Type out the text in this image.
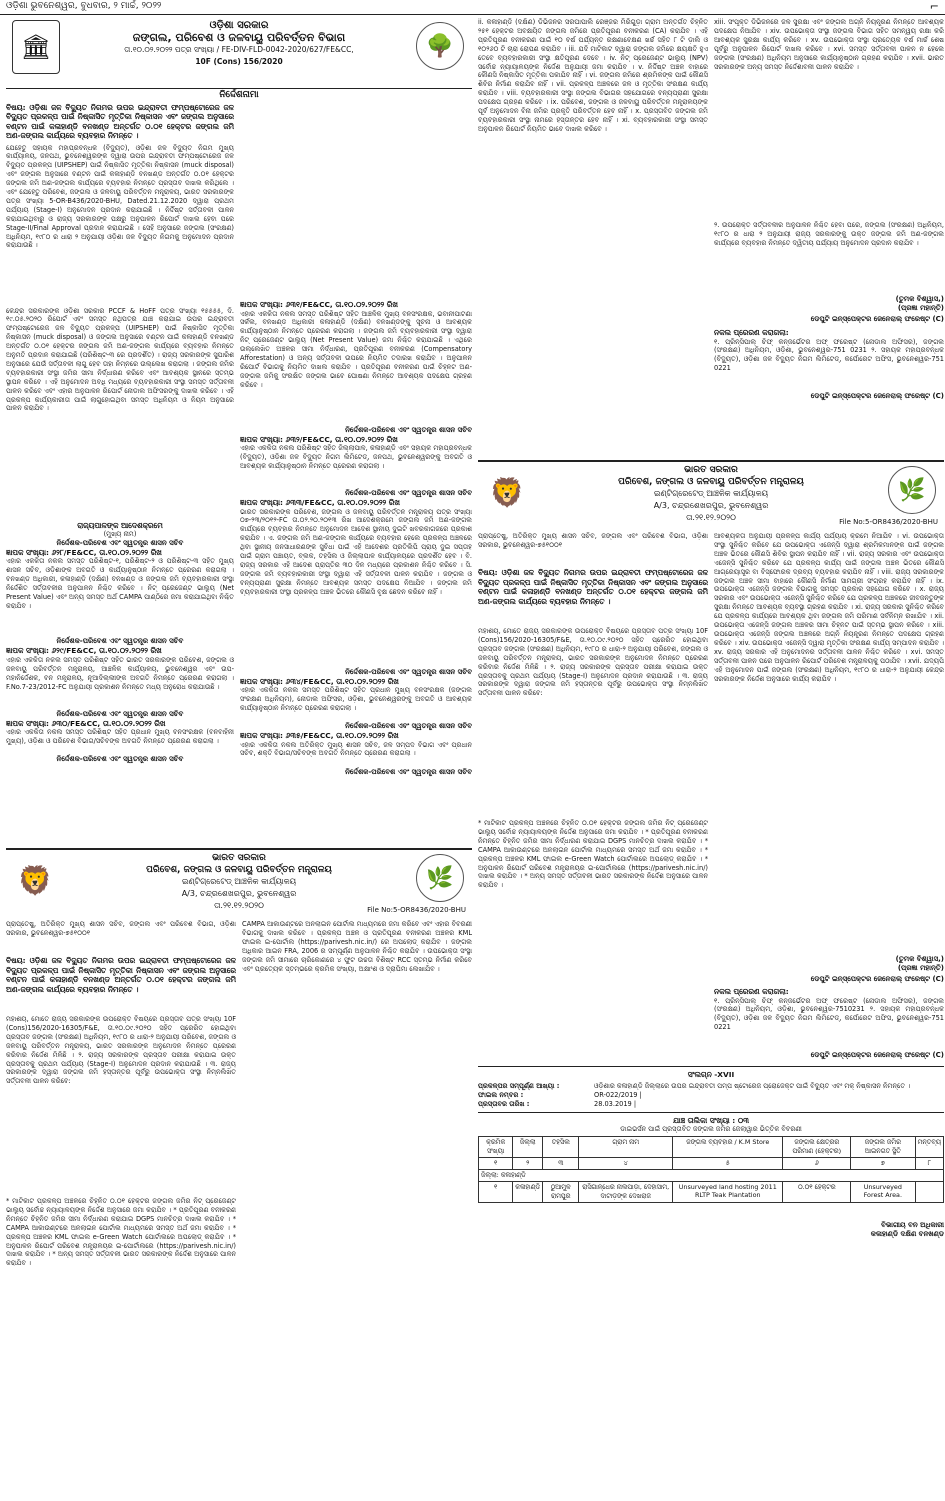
ଓଡ଼ିଶା ଭୁବନେଶ୍ୱର, ବୁଧବାର, ୨ ମାର୍ଚ୍ଚ, ୨୦୨୨	⌐
🏛	🌳
ଓଡ଼ିଶା ସରକାର
ଜଙ୍ଗଲ, ପରିବେଶ ଓ ଜଳବାୟୁ ପରିବର୍ତ୍ତନ ବିଭାଗ
ତା.୧୦.୦୨.୨୦୨୨ ପତ୍ର ସଂଖ୍ୟା / FE-DIV-FLD-0042-2020/627/FE&CC,
10F (Cons) 156/2020
ନିର୍ଦ୍ଦେଶନାମା
ବିଷୟ: ଓଡ଼ିଶା ଜଳ ବିଦ୍ୟୁତ ନିଗମର ଉପର ଇନ୍ଦ୍ରାବତୀ ଫମ୍ପଷ୍ଟୋରେଜ ଜଳ ବିଦ୍ୟୁତ ପ୍ରକଳ୍ପ ପାଇଁ ନିଷ୍କାସିତ ମୃତ୍ତିକା ନିଷ୍କାସନ ଏବଂ ଜଙ୍ଗଲ ଅନୁସାରେ ବଣ୍ଟନ ପାଇଁ କଳାହାଣ୍ଡି ବନଖଣ୍ଡ ଅନ୍ତର୍ଗତ ୦.୦୧ ହେକ୍ଟର ଜଙ୍ଗଲ ଜମି ଅଣ-ଜଙ୍ଗଲ କାର୍ଯ୍ୟରେ ବ୍ୟବହାର ନିମନ୍ତେ ।
ଯେହେତୁ ସହାୟକ ମହାପ୍ରବନ୍ଧକ (ବିଦ୍ୟୁତ), ଓଡ଼ିଶା ଜଳ ବିଦ୍ୟୁତ ନିଗମ ମୁଖ୍ୟ କାର୍ଯ୍ୟାଳୟ, ଜନପଥ, ଭୁବନେଶ୍ୱରଙ୍କ ଦ୍ୱାରା ଉପର ଇନ୍ଦ୍ରାବତୀ ଫମ୍ପଷ୍ଟୋରେଜ ଜଳ ବିଦ୍ୟୁତ ପ୍ରକଳ୍ପ (UIPSHEP) ପାଇଁ ନିଷ୍କାସିତ ମୃତ୍ତିକା ନିଷ୍କାସନ (muck disposal) ଏବଂ ଜଙ୍ଗଲ ଅନୁସାରେ ବଣ୍ଟନ ପାଇଁ କଳାହାଣ୍ଡି ବନଖଣ୍ଡ ଅନ୍ତର୍ଗତ ୦.୦୧ ହେକ୍ଟର ଜଙ୍ଗଲ ଜମି ଅଣ-ଜଙ୍ଗଲ କାର୍ଯ୍ୟରେ ବ୍ୟବହାର ନିମନ୍ତେ ପ୍ରସ୍ତାବ ଦାଖଲ କରିଥିଲେ । ଏବଂ ଯେହେତୁ ପରିବେଶ, ଜଙ୍ଗଲ ଓ ଜଳବାୟୁ ପରିବର୍ତ୍ତନ ମନ୍ତ୍ରାଳୟ, ଭାରତ ସରକାରଙ୍କ ପତ୍ର ସଂଖ୍ୟା 5-OR-B436/2020-BHU, Dated.21.12.2020 ଦ୍ୱାରା ପ୍ରଥମ ପର୍ଯ୍ୟାୟ (Stage-I) ଅନୁମୋଦନ ପ୍ରଦାନ କରାଯାଇଛି । ନିର୍ଦ୍ଦିଷ୍ଟ ସର୍ତ୍ତାବଳୀ ପାଳନ କରାଯାଇଥିବାରୁ ଓ ରାଜ୍ୟ ସରକାରଙ୍କ ପକ୍ଷରୁ ଅନୁପାଳନ ରିପୋର୍ଟ ଦାଖଲ ହେବା ପରେ Stage-II/Final Approval ପ୍ରଦାନ କରାଯାଇଛି । ସେହି ଅନୁସାରେ ଜଙ୍ଗଲ (ସଂରକ୍ଷଣ) ଅଧିନିୟମ, ୧୯୮୦ ର ଧାରା ୨ ଅନୁଯାୟୀ ଓଡ଼ିଶା ଜଳ ବିଦ୍ୟୁତ ନିଗମକୁ ଅନୁମୋଦନ ପ୍ରଦାନ କରାଯାଉଛି ।
କେନ୍ଦ୍ର ସରକାରଙ୍କ ଓଡ଼ିଶା ସରକାର PCCF & HoFF ପତ୍ର ସଂଖ୍ୟା ୧୫୫୫୫, ଦି. ୧୯.୦୫.୨୦୨୦ ରିପୋର୍ଟ ଏବଂ ସମସ୍ତ ନଥିପତ୍ର ଯାଞ୍ଚ କରାଯାଇ ଉପର ଇନ୍ଦ୍ରାବତୀ ଫମ୍ପଷ୍ଟୋରେଜ ଜଳ ବିଦ୍ୟୁତ ପ୍ରକଳ୍ପ (UIPSHEP) ପାଇଁ ନିଷ୍କାସିତ ମୃତ୍ତିକା ନିଷ୍କାସନ (muck disposal) ଓ ଜଙ୍ଗଲ ଅନୁସାରେ ବଣ୍ଟନ ପାଇଁ କଳାହାଣ୍ଡି ବନଖଣ୍ଡ ଅନ୍ତର୍ଗତ ୦.୦୧ ହେକ୍ଟର ଜଙ୍ଗଲ ଜମି ଅଣ-ଜଙ୍ଗଲ କାର୍ଯ୍ୟରେ ବ୍ୟବହାର ନିମନ୍ତେ ଅନୁମତି ପ୍ରଦାନ କରାଯାଇଛି (ପରିଶିଷ୍ଟ-୩ ରେ ପ୍ରଦର୍ଶିତ) । ରାଜ୍ୟ ସରକାରଙ୍କ ସୁପାରିଶ ଅନୁସାରେ ଯେଉଁ ସର୍ତ୍ତାବଳୀ ଲାଗୁ ହେବ ତାହା ନିମ୍ନରେ ଉଲ୍ଲେଖ କରାଗଲା । ଜଙ୍ଗଲ ଜମିର ବ୍ୟବହାରକାରୀ ସଂସ୍ଥା ଜମିର ସୀମା ନିର୍ଦ୍ଧାରଣ କରିବେ ଏବଂ ଆବଶ୍ୟକ ସ୍ଥାନରେ ସ୍ତମ୍ଭ ସ୍ଥାପନ କରିବେ । ଏହି ଅନୁମୋଦନ ଅବଧି ମଧ୍ୟରେ ବ୍ୟବହାରକାରୀ ସଂସ୍ଥା ସମସ୍ତ ସର୍ତ୍ତାବଳୀ ପାଳନ କରିବେ ଏବଂ ଏହାର ଅନୁପାଳନ ରିପୋର୍ଟ ନୋଡାଲ ଅଫିସରଙ୍କୁ ଦାଖଲ କରିବେ । ଏହି ପ୍ରକଳ୍ପ କାର୍ଯ୍ୟକାରୀତା ପାଇଁ ଲାଗୁହୋଇଥିବା ସମସ୍ତ ଅଧିନିୟମ ଓ ନିୟମ ଅନୁସାରେ ପାଳନ କରାଯିବ ।
ରାଜ୍ୟପାଳଙ୍କ ଆଦେଶକ୍ରମେ
(ମୁଖ୍ୟ ନାମ)
ନିର୍ଦ୍ଦେଶକ-ପରିବେଶ ଏବଂ ସ୍ୱତନ୍ତ୍ର ଶାସନ ସଚିବ
ଜ୍ଞାପକ ସଂଖ୍ୟା: ୬୨୮/FE&CC, ତା.୧୦.୦୨.୨୦୨୨ ରିଖ
ଏହାର ଏକକିତା ନକଲ ସମସ୍ତ ପରିଶିଷ୍ଟ-୧, ପରିଶିଷ୍ଟ-୨ ଓ ପରିଶିଷ୍ଟ-୩ ସହିତ ମୁଖ୍ୟ ଶାସନ ସଚିବ, ଓଡ଼ିଶାଙ୍କ ଅବଗତି ଓ କାର୍ଯ୍ୟାନୁଷ୍ଠାନ ନିମନ୍ତେ ପ୍ରେରଣ କରାଗଲା । ବନଖଣ୍ଡ ଅଧିକାରୀ, କଳାହାଣ୍ଡି (ଦକ୍ଷିଣ) ବନଖଣ୍ଡ ଓ ଜଙ୍ଗଲ ଜମି ବ୍ୟବହାରକାରୀ ସଂସ୍ଥା ନିର୍ଦ୍ଦେଶିତ ସର୍ତ୍ତାବଳୀର ଅନୁପାଳନ ନିଶ୍ଚିତ କରିବେ । ନିଟ୍ ପ୍ରେଜେଣ୍ଟ ଭାଲ୍ୟୁ (Net Present Value) ଏବଂ ଅନ୍ୟ ସମସ୍ତ ଅର୍ଥ CAMPA ପାଣ୍ଠିରେ ଜମା କରାଯାଇଥିବା ନିଶ୍ଚିତ କରାଯିବ ।
ନିର୍ଦ୍ଦେଶକ-ପରିବେଶ ଏବଂ ସ୍ୱତନ୍ତ୍ର ଶାସନ ସଚିବ
ଜ୍ଞାପକ ସଂଖ୍ୟା: ୬୨୯/FE&CC, ତା.୧୦.୦୨.୨୦୨୨ ରିଖ
ଏହାର ଏକକିତା ନକଲ ସମସ୍ତ ପରିଶିଷ୍ଟ ସହିତ ଭାରତ ସରକାରଙ୍କ ପରିବେଶ, ଜଙ୍ଗଲ ଓ ଜଳବାୟୁ ପରିବର୍ତ୍ତନ ମନ୍ତ୍ରାଳୟ, ଆଞ୍ଚଳିକ କାର୍ଯ୍ୟାଳୟ, ଭୁବନେଶ୍ୱର ଏବଂ ଉପ-ମହାନିର୍ଦ୍ଦେଶକ, ବନ ମନ୍ତ୍ରାଳୟ, ନୂଆଦିଲ୍ଲୀଙ୍କ ଅବଗତି ନିମନ୍ତେ ପ୍ରେରଣ କରାଗଲା । F.No.7-23/2012-FC ଅନୁଯାୟୀ ପ୍ରକାଶନ ନିମନ୍ତେ ମଧ୍ୟ ଅନୁରୋଧ କରାଯାଉଛି ।
ନିର୍ଦ୍ଦେଶକ-ପରିବେଶ ଏବଂ ସ୍ୱତନ୍ତ୍ର ଶାସନ ସଚିବ
ଜ୍ଞାପକ ସଂଖ୍ୟା: ୬୩୦/FE&CC, ତା.୧୦.୦୨.୨୦୨୨ ରିଖ
ଏହାର ଏକକିତା ନକଲ ସମସ୍ତ ପରିଶିଷ୍ଟ ସହିତ ପ୍ରଧାନ ମୁଖ୍ୟ ବନସଂରକ୍ଷକ (ବନବାହିନୀ ମୁଖ୍ୟ), ଓଡ଼ିଶା ଓ ପରିବେଶ ବିଭାଗ/ସଚିବଙ୍କ ଅବଗତି ନିମନ୍ତେ ପ୍ରେରଣ କରାଗଲା ।
ନିର୍ଦ୍ଦେଶକ-ପରିବେଶ ଏବଂ ସ୍ୱତନ୍ତ୍ର ଶାସନ ସଚିବ
ii. କଳାହାଣ୍ଡି (ଦକ୍ଷିଣ) ଡିଭିଜନର ସରଘାପାଲି ରେଞ୍ଜର ମିରିଗୁଡ଼ା ଗ୍ରାମ ଅନ୍ତର୍ଗତ ଚିହ୍ନିତ ୨୫୧ ହେକ୍ଟର ଅବକ୍ଷୟିତ ଜଙ୍ଗଲ ଜମିରେ ପ୍ରତିପୂରଣ ବନୀକରଣ (CA) କରାଯିବ । ଏହି ପ୍ରତିପୂରଣ ବନୀକରଣ ପାଇଁ ୧୦ ବର୍ଷ ପର୍ଯ୍ୟନ୍ତ ରକ୍ଷଣାବେକ୍ଷଣ ଖର୍ଚ୍ଚ ସହିତ ୮ ଟି ଡ଼ାଲି ଓ ୧୦୨୬୦ ଟି ଚାରା ରୋପଣ କରାଯିବ । iii. ଯଦି ମାଟିକାଟ ଦ୍ୱାରା ଜଙ୍ଗଲ ଜମିରେ କ୍ଷୟକ୍ଷତି ହୁଏ ତେବେ ବ୍ୟବହାରକାରୀ ସଂସ୍ଥା କ୍ଷତିପୂରଣ ଦେବେ । iv. ନିଟ୍ ପ୍ରେଜେଣ୍ଟ ଭାଲ୍ୟୁ (NPV) ସର୍ବୋଚ୍ଚ ନ୍ୟାୟାଳୟଙ୍କ ନିର୍ଦ୍ଦେଶ ଅନୁଯାୟୀ ଜମା କରାଯିବ । v. ନିର୍ଦ୍ଦିଷ୍ଟ ଅଞ୍ଚଳ ବାହାରେ କୌଣସି ନିଷ୍କାସିତ ମୃତ୍ତିକା ପକାଯିବ ନାହିଁ । vi. ଜଙ୍ଗଲ ଜମିରେ ଶ୍ରମିକଙ୍କ ପାଇଁ କୌଣସି ଶିବିର ନିର୍ମାଣ କରାଯିବ ନାହିଁ । vii. ପ୍ରକଳ୍ପ ଅଞ୍ଚଳରେ ଜଳ ଓ ମୃତ୍ତିକା ସଂରକ୍ଷଣ କାର୍ଯ୍ୟ କରାଯିବ । viii. ବ୍ୟବହାରକାରୀ ସଂସ୍ଥା ଜଙ୍ଗଲ ବିଭାଗର ସହଯୋଗରେ ବନ୍ୟପ୍ରାଣୀ ସୁରକ୍ଷା ପଦକ୍ଷେପ ଗ୍ରହଣ କରିବେ । ix. ପରିବେଶ, ଜଙ୍ଗଲ ଓ ଜଳବାୟୁ ପରିବର୍ତ୍ତନ ମନ୍ତ୍ରାଳୟଙ୍କ ପୂର୍ବ ଅନୁମୋଦନ ବିନା ଜମିର ପ୍ରକୃତି ପରିବର୍ତ୍ତନ ହେବ ନାହିଁ । x. ପ୍ରସ୍ତାବିତ ଜଙ୍ଗଲ ଜମି ବ୍ୟବହାରକାରୀ ସଂସ୍ଥା ନାମରେ ହସ୍ତାନ୍ତର ହେବ ନାହିଁ । xi. ବ୍ୟବହାରକାରୀ ସଂସ୍ଥା ସମସ୍ତ ଅନୁପାଳନ ରିପୋର୍ଟ ନିୟମିତ ଭାବେ ଦାଖଲ କରିବେ ।
xiii. ସଂପୃକ୍ତ ଡିଭିଜନରେ ଜଳ ସୁରକ୍ଷା ଏବଂ ଜଙ୍ଗଲ ଅଗ୍ନି ନିୟନ୍ତ୍ରଣ ନିମନ୍ତେ ଆବଶ୍ୟକ ପଦକ୍ଷେପ ନିଆଯିବ । xiv. ଉପଭୋକ୍ତା ସଂସ୍ଥା ଜଙ୍ଗଲ ବିଭାଗ ସହିତ ସମନ୍ୱୟ ରକ୍ଷା କରି ଆବଶ୍ୟକ ସୁରକ୍ଷା କାର୍ଯ୍ୟ କରିବେ । xv. ଉପଭୋକ୍ତା ସଂସ୍ଥା ପ୍ରତ୍ୟେକ ବର୍ଷ ମାର୍ଚ୍ଚ ଶେଷ ପୂର୍ବରୁ ଅନୁପାଳନ ରିପୋର୍ଟ ଦାଖଲ କରିବେ । xvi. ସମସ୍ତ ସର୍ତ୍ତାବଳୀ ପାଳନ ନ ହେଲେ ଜଙ୍ଗଲ (ସଂରକ୍ଷଣ) ଅଧିନିୟମ ଅନୁସାରେ କାର୍ଯ୍ୟାନୁଷ୍ଠାନ ଗ୍ରହଣ କରାଯିବ । xvii. ଭାରତ ସରକାରଙ୍କ ଅନ୍ୟ ସମସ୍ତ ନିର୍ଦ୍ଦେଶାବଳୀ ପାଳନ କରାଯିବ ।
୨. ଉପରୋକ୍ତ ସର୍ତ୍ତାବଳୀର ଅନୁପାଳନ ନିଶ୍ଚିତ ହେବା ପରେ, ଜଙ୍ଗଲ (ସଂରକ୍ଷଣ) ଅଧିନିୟମ, ୧୯୮୦ ର ଧାରା ୨ ଅନୁଯାୟୀ ରାଜ୍ୟ ସରକାରଙ୍କୁ ଉକ୍ତ ଜଙ୍ଗଲ ଜମି ଅଣ-ଜଙ୍ଗଲ କାର୍ଯ୍ୟରେ ବ୍ୟବହାର ନିମନ୍ତେ ଦ୍ୱିତୀୟ ପର୍ଯ୍ୟାୟ ଅନୁମୋଦନ ପ୍ରଦାନ କରାଯିବ ।
(ତୁମକ ବିଶ୍ୱାସ,)
(ପ୍ରଜ୍ଞା ମହାନ୍ତି)
ଡେପୁଟି ଇନ୍‌ସ୍ପେକ୍ଟର ଜେନେରାଲ୍ ଫରେଷ୍ଟ (C)
ନକଲ ପ୍ରେରଣ କରାଗଲା:
୧. ପ୍ରିନ୍ସିପାଲ୍ ଚିଫ୍ କନ୍‌ଜର୍ଭେଟର ଅଫ୍ ଫରେଷ୍ଟ (ନୋଡାଲ ଅଫିସର), ଜଙ୍ଗଲ (ସଂରକ୍ଷଣ) ଅଧିନିୟମ, ଓଡ଼ିଶା, ଭୁବନେଶ୍ୱର-751 0231 ୨. ସହାୟକ ମହାପ୍ରବନ୍ଧକ (ବିଦ୍ୟୁତ), ଓଡ଼ିଶା ଜଳ ବିଦ୍ୟୁତ ନିଗମ ଲିମିଟେଡ୍, କର୍ପୋରେଟ ଅଫିସ, ଭୁବନେଶ୍ୱର-751 0221
ଡେପୁଟି ଇନ୍‌ସ୍ପେକ୍ଟର ଜେନେରାଲ୍ ଫରେଷ୍ଟ (C)
ଜ୍ଞାପକ ସଂଖ୍ୟା: ୬୩୧/FE&CC, ତା.୧୦.୦୨.୨୦୨୨ ରିଖ
ଏହାର ଏକକିତା ନକଲ ସମସ୍ତ ପରିଶିଷ୍ଟ ସହିତ ଆଞ୍ଚଳିକ ମୁଖ୍ୟ ବନସଂରକ୍ଷକ, ଭବାନୀପାଟଣା ସର୍କଲ, ବନଖଣ୍ଡ ଅଧିକାରୀ କଳାହାଣ୍ଡି (ଦକ୍ଷିଣ) ବନଖଣ୍ଡଙ୍କୁ ସୂଚନା ଓ ଆବଶ୍ୟକ କାର୍ଯ୍ୟାନୁଷ୍ଠାନ ନିମନ୍ତେ ପ୍ରେରଣ କରାଗଲା । ଜଙ୍ଗଲ ଜମି ବ୍ୟବହାରକାରୀ ସଂସ୍ଥା ଦ୍ୱାରା ନିଟ୍ ପ୍ରେଜେଣ୍ଟ ଭାଲ୍ୟୁ (Net Present Value) ଜମା ନିଶ୍ଚିତ କରାଯାଇଛି । ଏଥିରେ ଉଲ୍ଲେଖିତ ଅଞ୍ଚଳର ସୀମା ନିର୍ଦ୍ଧାରଣ, ପ୍ରତିପୂରଣ ବନୀକରଣ (Compensatory Afforestation) ଓ ଅନ୍ୟ ସର୍ତ୍ତାବଳୀ ଉପରେ ନିୟମିତ ତଦାରଖ କରାଯିବ । ଅନୁପାଳନ ରିପୋର୍ଟ ବିଭାଗକୁ ନିୟମିତ ଦାଖଲ କରାଯିବ । ପ୍ରତିପୂରଣ ବନୀକରଣ ପାଇଁ ଚିହ୍ନଟ ଅଣ-ଜଙ୍ଗଲ ଜମିକୁ ସଂରକ୍ଷିତ ଜଙ୍ଗଲ ଭାବେ ଘୋଷଣା ନିମନ୍ତେ ଆବଶ୍ୟକ ପଦକ୍ଷେପ ଗ୍ରହଣ କରିବେ ।
ନିର୍ଦ୍ଦେଶକ-ପରିବେଶ ଏବଂ ସ୍ୱତନ୍ତ୍ର ଶାସନ ସଚିବ
ଜ୍ଞାପକ ସଂଖ୍ୟା: ୬୩୨/FE&CC, ତା.୧୦.୦୨.୨୦୨୨ ରିଖ
ଏହାର ଏକକିତା ନକଲ ପରିଶିଷ୍ଟ ସହିତ ଜିଲ୍ଲାପାଳ, କଳାହାଣ୍ଡି ଏବଂ ସହାୟକ ମହାପ୍ରବନ୍ଧକ (ବିଦ୍ୟୁତ), ଓଡ଼ିଶା ଜଳ ବିଦ୍ୟୁତ ନିଗମ ଲିମିଟେଡ୍, ଜନପଥ, ଭୁବନେଶ୍ୱରଙ୍କୁ ଅବଗତି ଓ ଆବଶ୍ୟକ କାର୍ଯ୍ୟାନୁଷ୍ଠାନ ନିମନ୍ତେ ପ୍ରେରଣ କରାଗଲା ।
ନିର୍ଦ୍ଦେଶକ-ପରିବେଶ ଏବଂ ସ୍ୱତନ୍ତ୍ର ଶାସନ ସଚିବ
ଜ୍ଞାପକ ସଂଖ୍ୟା: ୬୩୩/FE&CC, ତା.୧୦.୦୨.୨୦୨୨ ରିଖ
ଭାରତ ସରକାରଙ୍କ ପରିବେଶ, ଜଙ୍ଗଲ ଓ ଜଳବାୟୁ ପରିବର୍ତ୍ତନ ମନ୍ତ୍ରାଳୟ ପତ୍ର ସଂଖ୍ୟା ୦୭-୨୩/୨୦୧୨-FC ତା.୦୨.୨୦.୨୦୧୩ ରିଖ ଆଦେଶକ୍ରମେ ଜଙ୍ଗଲ ଜମି ଅଣ-ଜଙ୍ଗଲ କାର୍ଯ୍ୟରେ ବ୍ୟବହାର ନିମନ୍ତେ ଅନୁମୋଦନ ଆଦେଶ ସ୍ଥାନୀୟ ଦୁଇଟି ଖବରକାଗଜରେ ପ୍ରକାଶ କରାଯିବ । ଏ. ଜଙ୍ଗଲ ଜମି ଅଣ-ଜଙ୍ଗଲ କାର୍ଯ୍ୟରେ ବ୍ୟବହାର ହେଲେ ପ୍ରକଳ୍ପ ଅଞ୍ଚଳରେ ଥିବା ସ୍ଥାନୀୟ ଜନସାଧାରଣଙ୍କ ସୁବିଧା ପାଇଁ ଏହି ଆଦେଶର ପ୍ରତିଲିପି ପ୍ରାୟ ଦୁଇ ସପ୍ତାହ ପାଇଁ ଗ୍ରାମ ପଞ୍ଚାୟତ, ବ୍ଲକ, ତହସିଲ ଓ ଜିଲ୍ଲାପାଳ କାର୍ଯ୍ୟାଳୟରେ ପ୍ରଦର୍ଶିତ ହେବ । ବି. ରାଜ୍ୟ ସରକାର ଏହି ଆଦେଶ ପ୍ରାପ୍ତିର ୩୦ ଦିନ ମଧ୍ୟରେ ପ୍ରକାଶନ ନିଶ୍ଚିତ କରିବେ । ସି. ଜଙ୍ଗଲ ଜମି ବ୍ୟବହାରକାରୀ ସଂସ୍ଥା ଦ୍ୱାରା ଏହି ସର୍ତ୍ତାବଳୀ ପାଳନ କରାଯିବ । ଜଙ୍ଗଲ ଓ ବନ୍ୟପ୍ରାଣୀ ସୁରକ୍ଷା ନିମନ୍ତେ ଆବଶ୍ୟକ ସମସ୍ତ ପଦକ୍ଷେପ ନିଆଯିବ । ଜଙ୍ଗଲ ଜମି ବ୍ୟବହାରକାରୀ ସଂସ୍ଥା ପ୍ରକଳ୍ପ ଅଞ୍ଚଳ ଭିତରେ କୌଣସି ବୃକ୍ଷ ଛେଦନ କରିବେ ନାହିଁ ।
ନିର୍ଦ୍ଦେଶକ-ପରିବେଶ ଏବଂ ସ୍ୱତନ୍ତ୍ର ଶାସନ ସଚିବ
ଜ୍ଞାପକ ସଂଖ୍ୟା: ୬୩୪/FE&CC, ତା.୧୦.୦୨.୨୦୨୨ ରିଖ
ଏହାର ଏକକିତା ନକଲ ସମସ୍ତ ପରିଶିଷ୍ଟ ସହିତ ପ୍ରଧାନ ମୁଖ୍ୟ ବନସଂରକ୍ଷକ (ଜଙ୍ଗଲ ସଂରକ୍ଷଣ ଅଧିନିୟମ), ନୋଡାଲ ଅଫିସର, ଓଡ଼ିଶା, ଭୁବନେଶ୍ୱରଙ୍କୁ ଅବଗତି ଓ ଆବଶ୍ୟକ କାର୍ଯ୍ୟାନୁଷ୍ଠାନ ନିମନ୍ତେ ପ୍ରେରଣ କରାଗଲା ।
ନିର୍ଦ୍ଦେଶକ-ପରିବେଶ ଏବଂ ସ୍ୱତନ୍ତ୍ର ଶାସନ ସଚିବ
ଜ୍ଞାପକ ସଂଖ୍ୟା: ୬୩୫/FE&CC, ତା.୧୦.୦୨.୨୦୨୨ ରିଖ
ଏହାର ଏକକିତା ନକଲ ଅତିରିକ୍ତ ମୁଖ୍ୟ ଶାସନ ସଚିବ, ଜଳ ସମ୍ପଦ ବିଭାଗ ଏବଂ ପ୍ରଧାନ ସଚିବ, ଶକ୍ତି ବିଭାଗ/ସଚିବଙ୍କ ଅବଗତି ନିମନ୍ତେ ପ୍ରେରଣ କରାଗଲା ।
ନିର୍ଦ୍ଦେଶକ-ପରିବେଶ ଏବଂ ସ୍ୱତନ୍ତ୍ର ଶାସନ ସଚିବ
🦁	🌿
ଭାରତ ସରକାର
ପରିବେଶ, ଜଙ୍ଗଲ ଓ ଜଳବାୟୁ ପରିବର୍ତ୍ତନ ମନ୍ତ୍ରାଳୟ
ଇଣ୍ଟିଗ୍ରେଟେଡ୍ ଆଞ୍ଚଳିକ କାର୍ଯ୍ୟାଳୟ
A/3, ଚନ୍ଦ୍ରଶେଖରପୁର, ଭୁବନେଶ୍ୱର
ତା.୨୧.୧୨.୨୦୨୦	File No:5-OR8436/2020-BHU
ପ୍ରାପ୍ତେଷୁ, ଅତିରିକ୍ତ ମୁଖ୍ୟ ଶାସନ ସଚିବ, ଜଙ୍ଗଲ ଏବଂ ପରିବେଶ ବିଭାଗ, ଓଡ଼ିଶା ସରକାର, ଭୁବନେଶ୍ୱର-୭୫୧୦୦୧
ବିଷୟ: ଓଡ଼ିଶା ଜଳ ବିଦ୍ୟୁତ ନିଗମର ଉପର ଇନ୍ଦ୍ରାବତୀ ଫମ୍ପଷ୍ଟୋରେଜ ଜଳ ବିଦ୍ୟୁତ ପ୍ରକଳ୍ପ ପାଇଁ ନିଷ୍କାସିତ ମୃତ୍ତିକା ନିଷ୍କାସନ ଏବଂ ଜଙ୍ଗଲ ଅନୁସାରେ ବଣ୍ଟନ ପାଇଁ କଳାହାଣ୍ଡି ବନଖଣ୍ଡ ଅନ୍ତର୍ଗତ ୦.୦୧ ହେକ୍ଟର ଜଙ୍ଗଲ ଜମି ଅଣ-ଜଙ୍ଗଲ କାର୍ଯ୍ୟରେ ବ୍ୟବହାର ନିମନ୍ତେ ।
ମହାଶୟ, ମୋତେ ରାଜ୍ୟ ସରକାରଙ୍କ ଉପରୋକ୍ତ ବିଷୟରେ ପ୍ରସ୍ତାବ ପତ୍ର ସଂଖ୍ୟା 10F (Cons)156/2020-16305/F&E, ତା.୧୦.୦୯.୨୦୨୦ ସହିତ ପ୍ରେରିତ ହୋଇଥିବା ପ୍ରସ୍ତାବ ଜଙ୍ଗଲ (ସଂରକ୍ଷଣ) ଅଧିନିୟମ, ୧୯୮୦ ର ଧାରା-୨ ଅନୁଯାୟୀ ପରିବେଶ, ଜଙ୍ଗଲ ଓ ଜଳବାୟୁ ପରିବର୍ତ୍ତନ ମନ୍ତ୍ରାଳୟ, ଭାରତ ସରକାରଙ୍କ ଅନୁମୋଦନ ନିମନ୍ତେ ପ୍ରେରଣ କରିବାର ନିର୍ଦ୍ଦେଶ ମିଳିଛି । ୨. ରାଜ୍ୟ ସରକାରଙ୍କ ପ୍ରସ୍ତାବ ପରୀକ୍ଷା କରାଯାଇ ଉକ୍ତ ପ୍ରସ୍ତାବକୁ ପ୍ରଥମ ପର୍ଯ୍ୟାୟ (Stage-I) ଅନୁମୋଦନ ପ୍ରଦାନ କରାଯାଉଛି । ୩. ରାଜ୍ୟ ସରକାରଙ୍କ ଦ୍ୱାରା ଜଙ୍ଗଲ ଜମି ହସ୍ତାନ୍ତର ପୂର୍ବରୁ ଉପଭୋକ୍ତା ସଂସ୍ଥା ନିମ୍ନଲିଖିତ ସର୍ତ୍ତାବଳୀ ପାଳନ କରିବେ:
* ମାଟିକାଟ ପ୍ରକଳ୍ପ ଅଞ୍ଚଳରେ ଚିହ୍ନିତ ୦.୦୧ ହେକ୍ଟର ଜଙ୍ଗଲ ଜମିର ନିଟ୍ ପ୍ରେଜେଣ୍ଟ ଭାଲ୍ୟୁ ସର୍ବୋଚ୍ଚ ନ୍ୟାୟାଳୟଙ୍କ ନିର୍ଦ୍ଦେଶ ଅନୁସାରେ ଜମା କରାଯିବ । * ପ୍ରତିପୂରଣ ବନୀକରଣ ନିମନ୍ତେ ଚିହ୍ନିତ ଜମିର ସୀମା ନିର୍ଦ୍ଧାରଣ କରାଯାଇ DGPS ମାନଚିତ୍ର ଦାଖଲ କରାଯିବ । * CAMPA ଆକାଉଣ୍ଟରେ ଅନଲାଇନ ପୋର୍ଟାଲ ମାଧ୍ୟମରେ ସମସ୍ତ ଅର୍ଥ ଜମା କରାଯିବ । * ପ୍ରକଳ୍ପ ଅଞ୍ଚଳର KML ଫାଇଲ e-Green Watch ପୋର୍ଟାଲରେ ଅପଲୋଡ୍ କରାଯିବ । * ଅନୁପାଳନ ରିପୋର୍ଟ ପରିବେଶ ମନ୍ତ୍ରାଳୟର ଇ-ପୋର୍ଟାଲରେ (https://parivesh.nic.in/) ଦାଖଲ କରାଯିବ । * ଅନ୍ୟ ସମସ୍ତ ସର୍ତ୍ତାବଳୀ ଭାରତ ସରକାରଙ୍କ ନିର୍ଦ୍ଦେଶ ଅନୁସାରେ ପାଳନ କରାଯିବ ।
CAMPA ଆକାଉଣ୍ଟରେ ଅନଲାଇନ ପୋର୍ଟାଲ ମାଧ୍ୟମରେ ଜମା କରିବେ ଏବଂ ଏହାର ବିବରଣୀ ବିଭାଗକୁ ଦାଖଲ କରିବେ । ପ୍ରକଳ୍ପ ଅଞ୍ଚଳ ଓ ପ୍ରତିପୂରଣ ବନୀକରଣ ଅଞ୍ଚଳର KML ଫାଇଲ ଇ-ପୋର୍ଟାଲ (https://parivesh.nic.in/) ରେ ଅପଲୋଡ୍ କରାଯିବ । ଜଙ୍ଗଲ ଅଧିକାର ଆଇନ FRA, 2006 ର ସମ୍ପୂର୍ଣ୍ଣ ଅନୁପାଳନ ନିଶ୍ଚିତ କରାଯିବ । ଉପଭୋକ୍ତା ସଂସ୍ଥା ଜଙ୍ଗଲ ଜମି ସୀମାରେ ଚାରିକୋଣରେ ୪ ଫୁଟ ଉଚ୍ଚତା ବିଶିଷ୍ଟ RCC ସ୍ତମ୍ଭ ନିର୍ମାଣ କରିବେ ଏବଂ ପ୍ରତ୍ୟେକ ସ୍ତମ୍ଭରେ କ୍ରମିକ ସଂଖ୍ୟା, ଅକ୍ଷାଂଶ ଓ ଦ୍ରାଘିମା ଲେଖାଯିବ ।
🦁	🌿
ଭାରତ ସରକାର
ପରିବେଶ, ଜଙ୍ଗଲ ଓ ଜଳବାୟୁ ପରିବର୍ତ୍ତନ ମନ୍ତ୍ରାଳୟ
ଇଣ୍ଟିଗ୍ରେଟେଡ୍ ଆଞ୍ଚଳିକ କାର୍ଯ୍ୟାଳୟ
A/3, ଚନ୍ଦ୍ରଶେଖରପୁର, ଭୁବନେଶ୍ୱର
ତା.୨୧.୧୨.୨୦୨୦	File No:5-OR8436/2020-BHU
ପ୍ରାପ୍ତେଷୁ, ଅତିରିକ୍ତ ମୁଖ୍ୟ ଶାସନ ସଚିବ, ଜଙ୍ଗଲ ଏବଂ ପରିବେଶ ବିଭାଗ, ଓଡ଼ିଶା ସରକାର, ଭୁବନେଶ୍ୱର-୭୫୧୦୦୧
ବିଷୟ: ଓଡ଼ିଶା ଜଳ ବିଦ୍ୟୁତ ନିଗମର ଉପର ଇନ୍ଦ୍ରାବତୀ ଫମ୍ପଷ୍ଟୋରେଜ ଜଳ ବିଦ୍ୟୁତ ପ୍ରକଳ୍ପ ପାଇଁ ନିଷ୍କାସିତ ମୃତ୍ତିକା ନିଷ୍କାସନ ଏବଂ ଜଙ୍ଗଲ ଅନୁସାରେ ବଣ୍ଟନ ପାଇଁ କଳାହାଣ୍ଡି ବନଖଣ୍ଡ ଅନ୍ତର୍ଗତ ୦.୦୧ ହେକ୍ଟର ଜଙ୍ଗଲ ଜମି ଅଣ-ଜଙ୍ଗଲ କାର୍ଯ୍ୟରେ ବ୍ୟବହାର ନିମନ୍ତେ ।
ମହାଶୟ, ମୋତେ ରାଜ୍ୟ ସରକାରଙ୍କ ଉପରୋକ୍ତ ବିଷୟରେ ପ୍ରସ୍ତାବ ପତ୍ର ସଂଖ୍ୟା 10F (Cons)156/2020-16305/F&E, ତା.୧୦.୦୯.୨୦୨୦ ସହିତ ପ୍ରେରିତ ହୋଇଥିବା ପ୍ରସ୍ତାବ ଜଙ୍ଗଲ (ସଂରକ୍ଷଣ) ଅଧିନିୟମ, ୧୯୮୦ ର ଧାରା-୨ ଅନୁଯାୟୀ ପରିବେଶ, ଜଙ୍ଗଲ ଓ ଜଳବାୟୁ ପରିବର୍ତ୍ତନ ମନ୍ତ୍ରାଳୟ, ଭାରତ ସରକାରଙ୍କ ଅନୁମୋଦନ ନିମନ୍ତେ ପ୍ରେରଣ କରିବାର ନିର୍ଦ୍ଦେଶ ମିଳିଛି । ୨. ରାଜ୍ୟ ସରକାରଙ୍କ ପ୍ରସ୍ତାବ ପରୀକ୍ଷା କରାଯାଇ ଉକ୍ତ ପ୍ରସ୍ତାବକୁ ପ୍ରଥମ ପର୍ଯ୍ୟାୟ (Stage-I) ଅନୁମୋଦନ ପ୍ରଦାନ କରାଯାଉଛି । ୩. ରାଜ୍ୟ ସରକାରଙ୍କ ଦ୍ୱାରା ଜଙ୍ଗଲ ଜମି ହସ୍ତାନ୍ତର ପୂର୍ବରୁ ଉପଭୋକ୍ତା ସଂସ୍ଥା ନିମ୍ନଲିଖିତ ସର୍ତ୍ତାବଳୀ ପାଳନ କରିବେ:
* ମାଟିକାଟ ପ୍ରକଳ୍ପ ଅଞ୍ଚଳରେ ଚିହ୍ନିତ ୦.୦୧ ହେକ୍ଟର ଜଙ୍ଗଲ ଜମିର ନିଟ୍ ପ୍ରେଜେଣ୍ଟ ଭାଲ୍ୟୁ ସର୍ବୋଚ୍ଚ ନ୍ୟାୟାଳୟଙ୍କ ନିର୍ଦ୍ଦେଶ ଅନୁସାରେ ଜମା କରାଯିବ । * ପ୍ରତିପୂରଣ ବନୀକରଣ ନିମନ୍ତେ ଚିହ୍ନିତ ଜମିର ସୀମା ନିର୍ଦ୍ଧାରଣ କରାଯାଇ DGPS ମାନଚିତ୍ର ଦାଖଲ କରାଯିବ । * CAMPA ଆକାଉଣ୍ଟରେ ଅନଲାଇନ ପୋର୍ଟାଲ ମାଧ୍ୟମରେ ସମସ୍ତ ଅର୍ଥ ଜମା କରାଯିବ । * ପ୍ରକଳ୍ପ ଅଞ୍ଚଳର KML ଫାଇଲ e-Green Watch ପୋର୍ଟାଲରେ ଅପଲୋଡ୍ କରାଯିବ । * ଅନୁପାଳନ ରିପୋର୍ଟ ପରିବେଶ ମନ୍ତ୍ରାଳୟର ଇ-ପୋର୍ଟାଲରେ (https://parivesh.nic.in/) ଦାଖଲ କରାଯିବ । * ଅନ୍ୟ ସମସ୍ତ ସର୍ତ୍ତାବଳୀ ଭାରତ ସରକାରଙ୍କ ନିର୍ଦ୍ଦେଶ ଅନୁସାରେ ପାଳନ କରାଯିବ ।
ଆବଶ୍ୟକତା ଅନୁଯାୟୀ ପ୍ରକଳ୍ପ କାର୍ଯ୍ୟ ପର୍ଯ୍ୟାୟ କ୍ରମେ ନିଆଯିବ । vi. ଉପଭୋକ୍ତା ସଂସ୍ଥା ସୁନିଶ୍ଚିତ କରିବେ ଯେ ଉପଭୋକ୍ତା ଏଜେନ୍ସି ଦ୍ୱାରା ଶ୍ରମିକମାନଙ୍କ ପାଇଁ ଜଙ୍ଗଲ ଅଞ୍ଚଳ ଭିତରେ କୌଣସି ଶିବିର ସ୍ଥାପନ କରାଯିବ ନାହିଁ । vii. ରାଜ୍ୟ ସରକାର ଏବଂ ଉପଭୋକ୍ତା ଏଜେନ୍ସି ସୁନିଶ୍ଚିତ କରିବେ ଯେ ପ୍ରକଳ୍ପ କାର୍ଯ୍ୟ ପାଇଁ ଜଙ୍ଗଲ ଅଞ୍ଚଳ ଭିତରେ କୌଣସି ଆଗ୍ରେୟାସ୍ତ୍ର ବା ବିସ୍ଫୋରକ ଦ୍ରବ୍ୟ ବ୍ୟବହାର କରାଯିବ ନାହିଁ । viii. ରାଜ୍ୟ ସରକାରଙ୍କ ଜଙ୍ଗଲ ଅଞ୍ଚଳ ସୀମା ବାହାରେ କୌଣସି ନିର୍ମାଣ ସାମଗ୍ରୀ ସଂଗ୍ରହ କରାଯିବ ନାହିଁ । ix. ଉପଭୋକ୍ତା ଏଜେନ୍ସି ଜଙ୍ଗଲ ବିଭାଗକୁ ସମସ୍ତ ପ୍ରକାର ସହଯୋଗ କରିବେ । x. ରାଜ୍ୟ ସରକାର ଏବଂ ଉପଭୋକ୍ତା ଏଜେନ୍ସି ସୁନିଶ୍ଚିତ କରିବେ ଯେ ପ୍ରକଳ୍ପ ଅଞ୍ଚଳରେ ଜୀବଜନ୍ତୁଙ୍କ ସୁରକ୍ଷା ନିମନ୍ତେ ଆବଶ୍ୟକ ବ୍ୟବସ୍ଥା ଗ୍ରହଣ କରାଯିବ । xi. ରାଜ୍ୟ ସରକାର ସୁନିଶ୍ଚିତ କରିବେ ଯେ ପ୍ରକଳ୍ପ କାର୍ଯ୍ୟରେ ଆବଶ୍ୟକ ଥିବା ଜଙ୍ଗଲ ଜମି ପରିମାଣ ସର୍ବନିମ୍ନ ରଖାଯିବ । xii. ଉପଭୋକ୍ତା ଏଜେନ୍ସି ଜଙ୍ଗଲ ଅଞ୍ଚଳର ସୀମା ଚିହ୍ନଟ ପାଇଁ ସ୍ତମ୍ଭ ସ୍ଥାପନ କରିବେ । xiii. ଉପଭୋକ୍ତା ଏଜେନ୍ସି ଜଙ୍ଗଲ ଅଞ୍ଚଳରେ ଅଗ୍ନି ନିୟନ୍ତ୍ରଣ ନିମନ୍ତେ ପଦକ୍ଷେପ ଗ୍ରହଣ କରିବେ । xiv. ଉପଭୋକ୍ତା ଏଜେନ୍ସି ଦ୍ୱାରା ମୃତ୍ତିକା ସଂରକ୍ଷଣ କାର୍ଯ୍ୟ ସମ୍ପାଦନ କରାଯିବ । xv. ରାଜ୍ୟ ସରକାର ଏହି ଅନୁମୋଦନର ସର୍ତ୍ତାବଳୀ ପାଳନ ନିଶ୍ଚିତ କରିବେ । xvi. ସମସ୍ତ ସର୍ତ୍ତାବଳୀ ପାଳନ ପରେ ଅନୁପାଳନ ରିପୋର୍ଟ ପରିବେଶ ମନ୍ତ୍ରାଳୟକୁ ପଠାଯିବ । xvii. ଯଦ୍ୟପି ଏହି ଅନୁମୋଦନ ପାଇଁ ଜଙ୍ଗଲ (ସଂରକ୍ଷଣ) ଅଧିନିୟମ, ୧୯୮୦ ର ଧାରା-୨ ଅନୁଯାୟୀ କେନ୍ଦ୍ର ସରକାରଙ୍କ ନିର୍ଦ୍ଦେଶ ଅନୁସାରେ କାର୍ଯ୍ୟ କରାଯିବ ।
(ତୁମକ ବିଶ୍ୱାସ,)
(ପ୍ରଜ୍ଞା ମହାନ୍ତି)
ଡେପୁଟି ଇନ୍‌ସ୍ପେକ୍ଟର ଜେନେରାଲ୍ ଫରେଷ୍ଟ (C)
ନକଲ ପ୍ରେରଣ କରାଗଲା:
୧. ପ୍ରିନ୍ସିପାଲ୍ ଚିଫ୍ କନ୍‌ଜର୍ଭେଟର ଅଫ୍ ଫରେଷ୍ଟ (ନୋଡାଲ ଅଫିସର), ଜଙ୍ଗଲ (ସଂରକ୍ଷଣ) ଅଧିନିୟମ, ଓଡ଼ିଶା, ଭୁବନେଶ୍ୱର-7510231 ୨. ସହାୟକ ମହାପ୍ରବନ୍ଧକ (ବିଦ୍ୟୁତ), ଓଡ଼ିଶା ଜଳ ବିଦ୍ୟୁତ ନିଗମ ଲିମିଟେଡ୍, କର୍ପୋରେଟ ଅଫିସ, ଭୁବନେଶ୍ୱର-751 0221
ଡେପୁଟି ଇନ୍‌ସ୍ପେକ୍ଟର ଜେନେରାଲ୍ ଫରେଷ୍ଟ (C)
ସଂଲଗ୍ନ -XVII
ପ୍ରକଳ୍ପର ସମ୍ପୂର୍ଣ୍ଣ ଆଖ୍ୟା :	ଓଡ଼ିଶାର କଳାହାଣ୍ଡି ଜିଲ୍ଲାରେ ଉପର ଇନ୍ଦ୍ରାବତୀ ପମ୍ପ ଷ୍ଟୋରେଜ ପ୍ରୋଜେକ୍ଟ ପାଇଁ ବିଦ୍ୟୁତ ଏବଂ ମକ୍ ନିଷ୍କାସନ ନିମନ୍ତେ ।
ଫାଇଲ ନମ୍ବର :	OR-022/2019 |
ପ୍ରସ୍ତାବର ତାରିଖ :	28.03.2019 |
ଯାଞ୍ଚ ତାଲିକା ସଂଖ୍ୟା : ୦୩
ଡାଇଭର୍ସନ ପାଇଁ ପ୍ରସ୍ତାବିତ ଜଙ୍ଗଲ ଜମିର ଜେଲାୱାର ଭିତ୍ତିକ ବିବରଣୀ
କ୍ରମିକ ସଂଖ୍ୟା	ଜିଲ୍ଲା	ତହସିଲ	ଗ୍ରାମ ନାମ	ଜଙ୍ଗଲ ବ୍ୟବହାର / K.M Store	ଜଙ୍ଗଲ କ୍ଷେତ୍ରର ପରିମାଣ (ହେକ୍ଟର)	ଜଙ୍ଗଲ ଜମିର ଆଇନଗତ ସ୍ଥିତି	ମନ୍ତବ୍ୟ
୧	୨	୩	୪	୫	୬	୭	୮
ଜିଲ୍ଲା: କଳାହାଣ୍ଡି							
୧	କଳାହାଣ୍ଡି	ଠୁଆମୁଳ ରାମପୁର	ରାସିଗାନ୍ଧେର ନାଲପାଡ଼ା, ଦେହାସାମ, ଦାଟାଡ଼ଙ୍କ ଦେଖରାଜ	Unsurveyed land hosting 2011 RLTP Teak Plantation	୦.୦୧ ହେକ୍ଟର	Unsurveyed Forest Area.	
ବିଭାଗୀୟ ବନ ଅଧିକାରୀ
କଳାହାଣ୍ଡି ଦକ୍ଷିଣ ବନଖଣ୍ଡ
